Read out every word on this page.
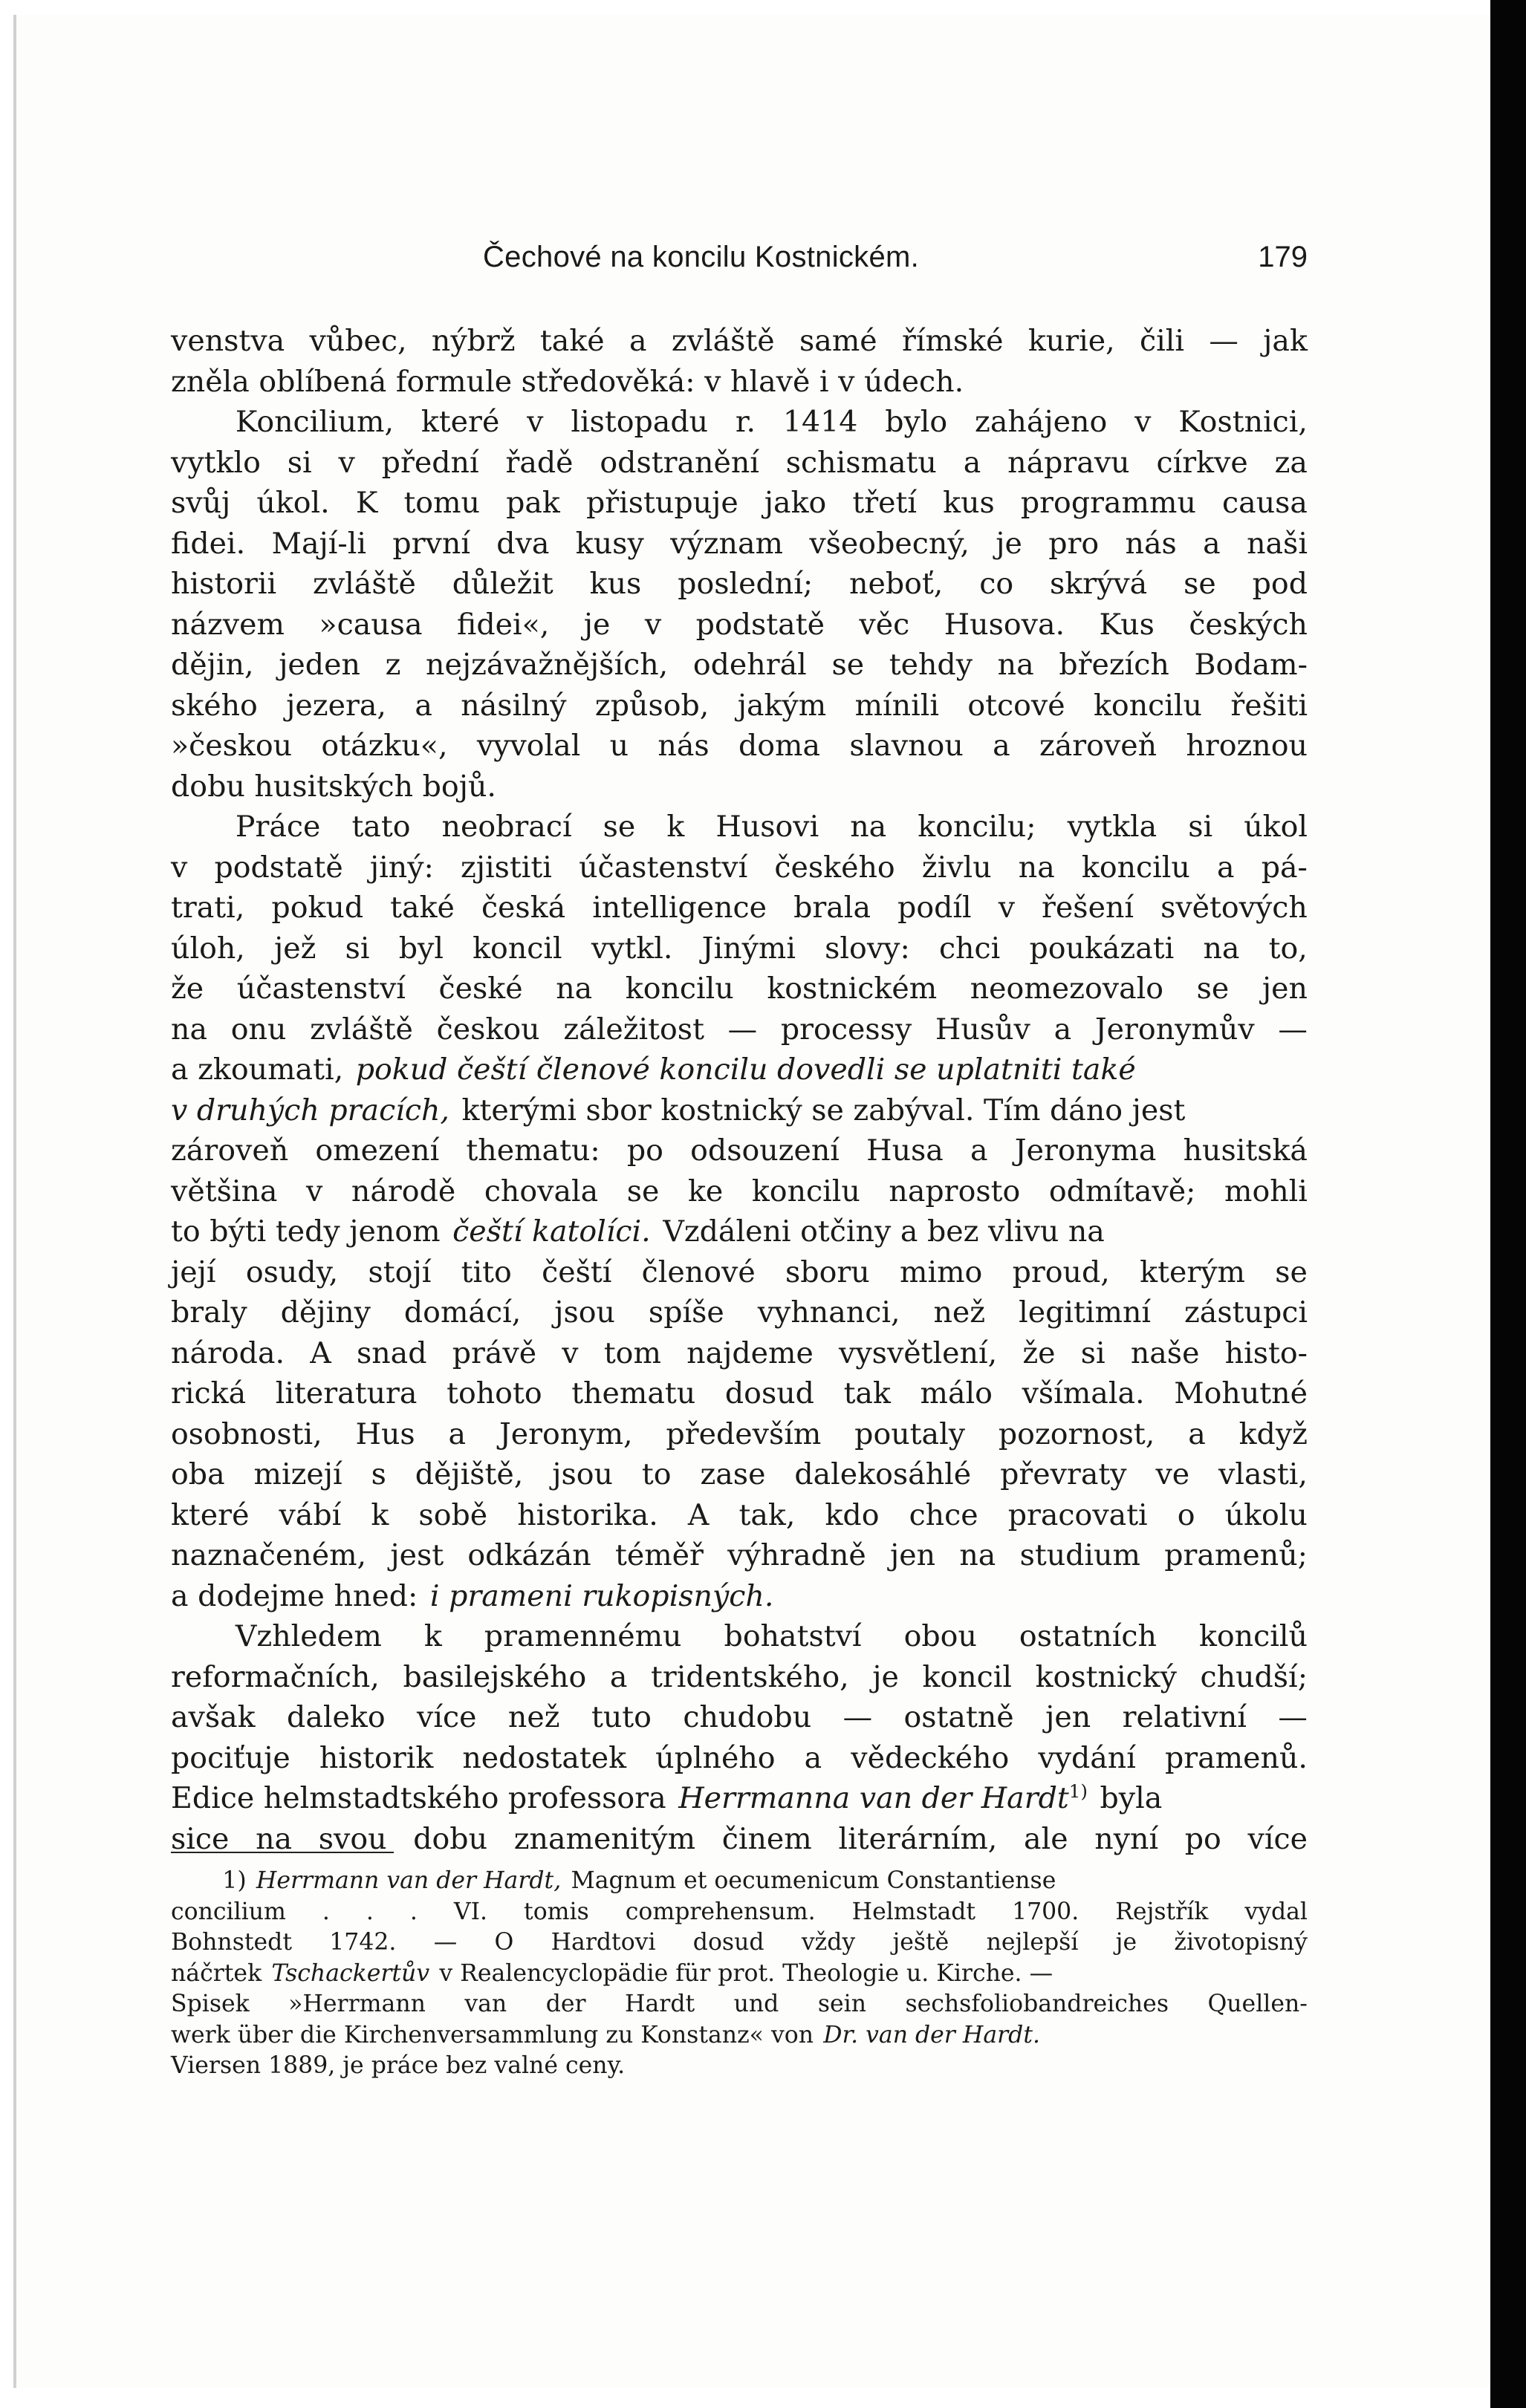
Čechové na koncilu Kostnickém.	179
venstva vůbec, nýbrž také a zvláště samé římské kurie, čili — jak
zněla oblíbená formule středověká: v hlavě i v údech.
Koncilium, které v listopadu r. 1414 bylo zahájeno v Kostnici,
vytklo si v přední řadě odstranění schismatu a nápravu církve za
svůj úkol. K tomu pak přistupuje jako třetí kus programmu causa
fidei. Mají-li první dva kusy význam všeobecný, je pro nás a naši
historii zvláště důležit kus poslední; neboť, co skrývá se pod
názvem »causa fidei«, je v podstatě věc Husova. Kus českých
dějin, jeden z nejzávažnějších, odehrál se tehdy na březích Bodam-
ského jezera, a násilný způsob, jakým mínili otcové koncilu řešiti
»českou otázku«, vyvolal u nás doma slavnou a zároveň hroznou
dobu husitských bojů.
Práce tato neobrací se k Husovi na koncilu; vytkla si úkol
v podstatě jiný: zjistiti účastenství českého živlu na koncilu a pá-
trati, pokud také česká intelligence brala podíl v řešení světových
úloh, jež si byl koncil vytkl. Jinými slovy: chci poukázati na to,
že účastenství české na koncilu kostnickém neomezovalo se jen
na onu zvláště českou záležitost — processy Husův a Jeronymův —
a zkoumati, pokud čeští členové koncilu dovedli se uplatniti také
v druhých pracích, kterými sbor kostnický se zabýval. Tím dáno jest
zároveň omezení thematu: po odsouzení Husa a Jeronyma husitská
většina v národě chovala se ke koncilu naprosto odmítavě; mohli
to býti tedy jenom čeští katolíci. Vzdáleni otčiny a bez vlivu na
její osudy, stojí tito čeští členové sboru mimo proud, kterým se
braly dějiny domácí, jsou spíše vyhnanci, než legitimní zástupci
národa. A snad právě v tom najdeme vysvětlení, že si naše histo-
rická literatura tohoto thematu dosud tak málo všímala. Mohutné
osobnosti, Hus a Jeronym, především poutaly pozornost, a když
oba mizejí s dějiště, jsou to zase dalekosáhlé převraty ve vlasti,
které vábí k sobě historika. A tak, kdo chce pracovati o úkolu
naznačeném, jest odkázán téměř výhradně jen na studium pramenů;
a dodejme hned: i prameni rukopisných.
Vzhledem k pramennému bohatství obou ostatních koncilů
reformačních, basilejského a tridentského, je koncil kostnický chudší;
avšak daleko více než tuto chudobu — ostatně jen relativní —
pociťuje historik nedostatek úplného a vědeckého vydání pramenů.
Edice helmstadtského professora Herrmanna van der Hardt$^{1)}$ byla
sice na svou dobu znamenitým činem literárním, ale nyní po více
1) Herrmann van der Hardt, Magnum et oecumenicum Constantiense
concilium . . . VI. tomis comprehensum. Helmstadt 1700. Rejstřík vydal
Bohnstedt 1742. — O Hardtovi dosud vždy ještě nejlepší je životopisný
náčrtek Tschackertův v Realencyclopädie für prot. Theologie u. Kirche. —
Spisek »Herrmann van der Hardt und sein sechsfoliobandreiches Quellen-
werk über die Kirchenversammlung zu Konstanz« von Dr. van der Hardt.
Viersen 1889, je práce bez valné ceny.
